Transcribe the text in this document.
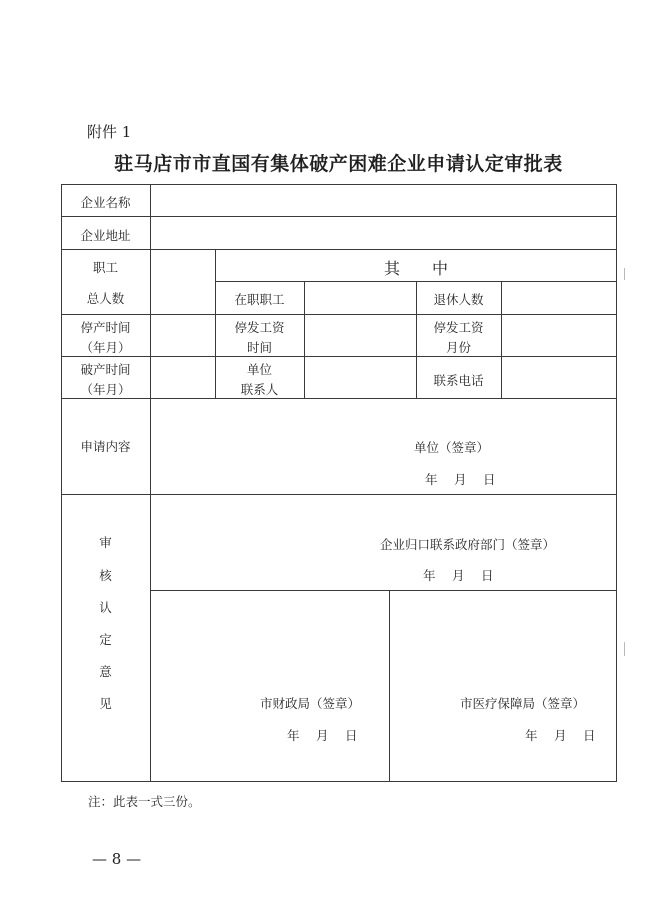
附件 1
驻马店市市直国有集体破产困难企业申请认定审批表
企业名称
企业地址
职工
总人数
其　　中
在职职工	退休人数
停产时间
（年月）
停发工资
时间
停发工资
月份
破产时间
（年月）
单位
联系人
联系电话
申请内容	单位（签章）
年　 月　 日
审
核
认
定
意
见
企业归口联系政府部门（签章）
年　 月　 日
市财政局（签章）
年　 月　 日
市医疗保障局（签章）
年　 月　 日
注：此表一式三份。
— 8 —
